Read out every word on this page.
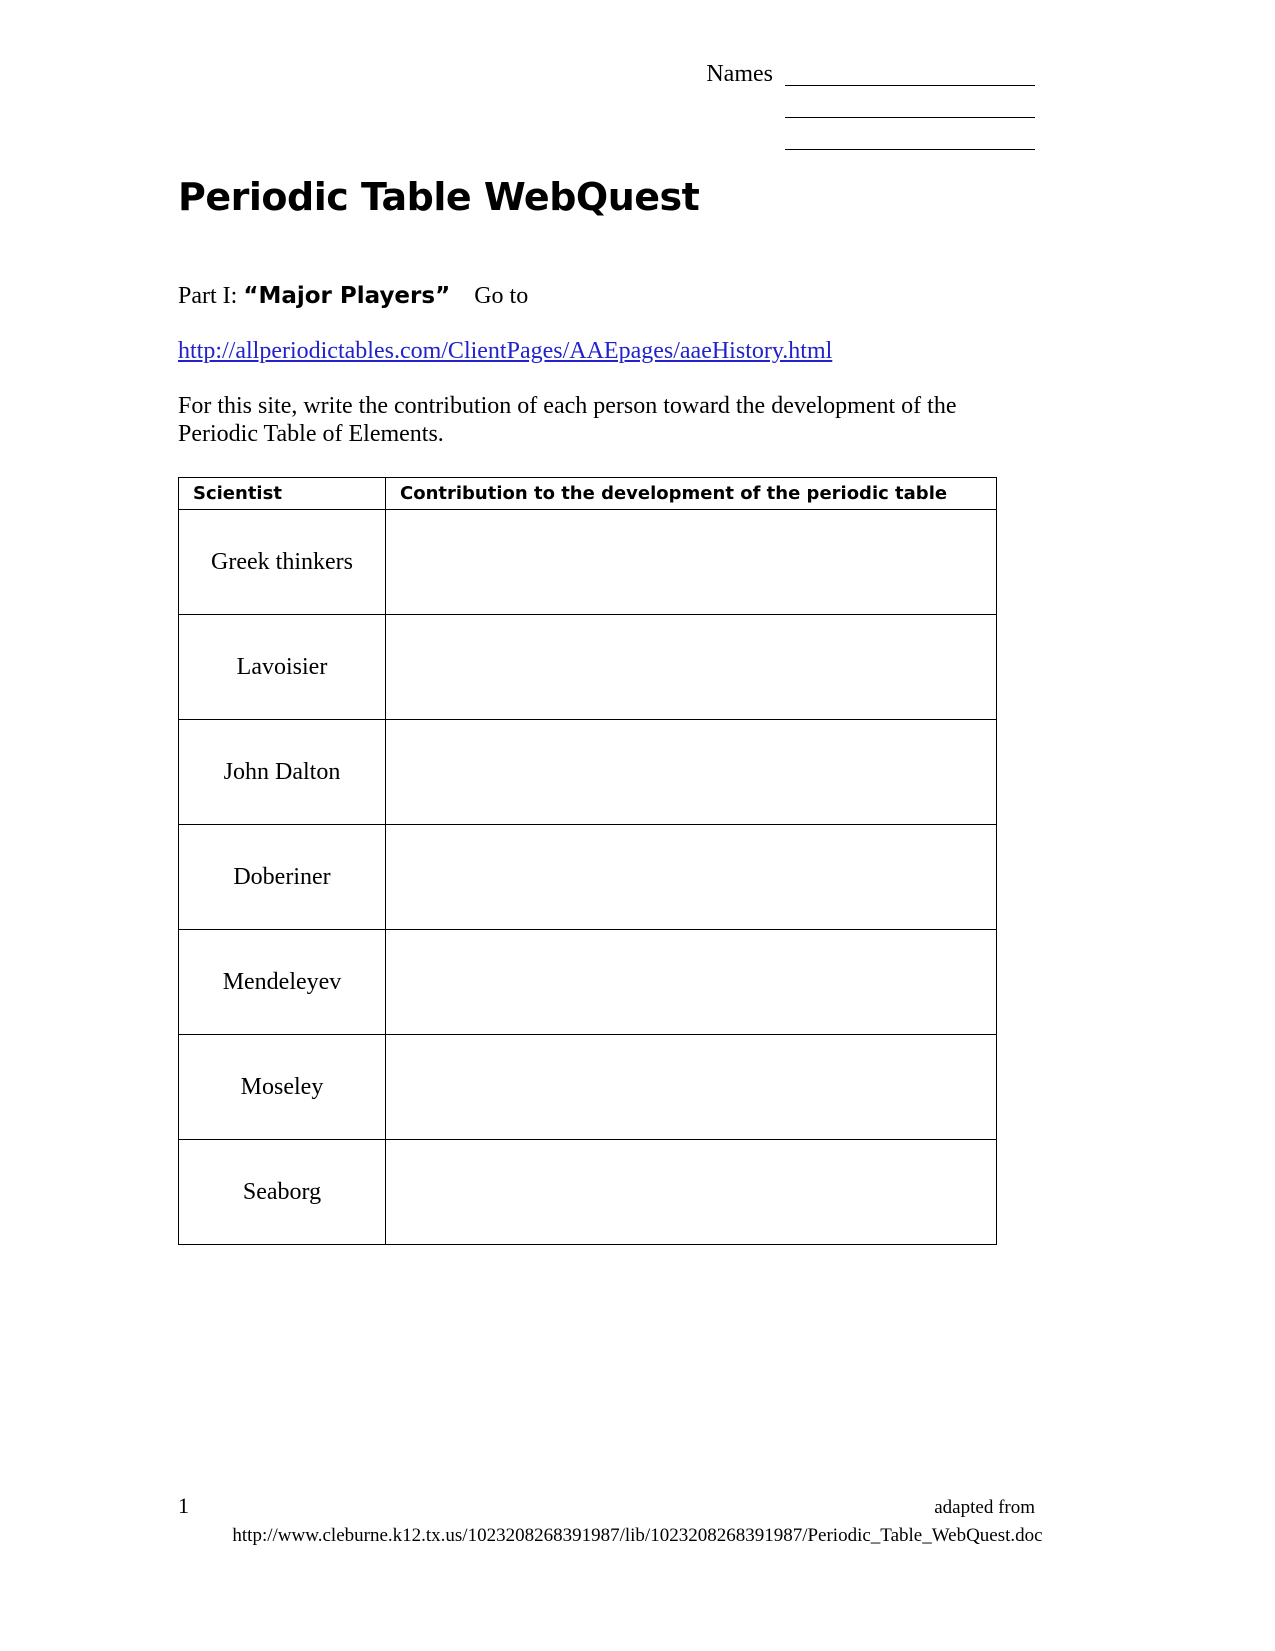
Names
Periodic Table WebQuest
Part I: “Major Players” Go to
http://allperiodictables.com/ClientPages/AAEpages/aaeHistory.html
For this site, write the contribution of each person toward the development of the Periodic Table of Elements.
Scientist	Contribution to the development of the periodic table
Greek thinkers	
Lavoisier	
John Dalton	
Doberiner	
Mendeleyev	
Moseley	
Seaborg	
1	adapted from
http://www.cleburne.k12.tx.us/1023208268391987/lib/1023208268391987/Periodic_Table_WebQuest.doc
